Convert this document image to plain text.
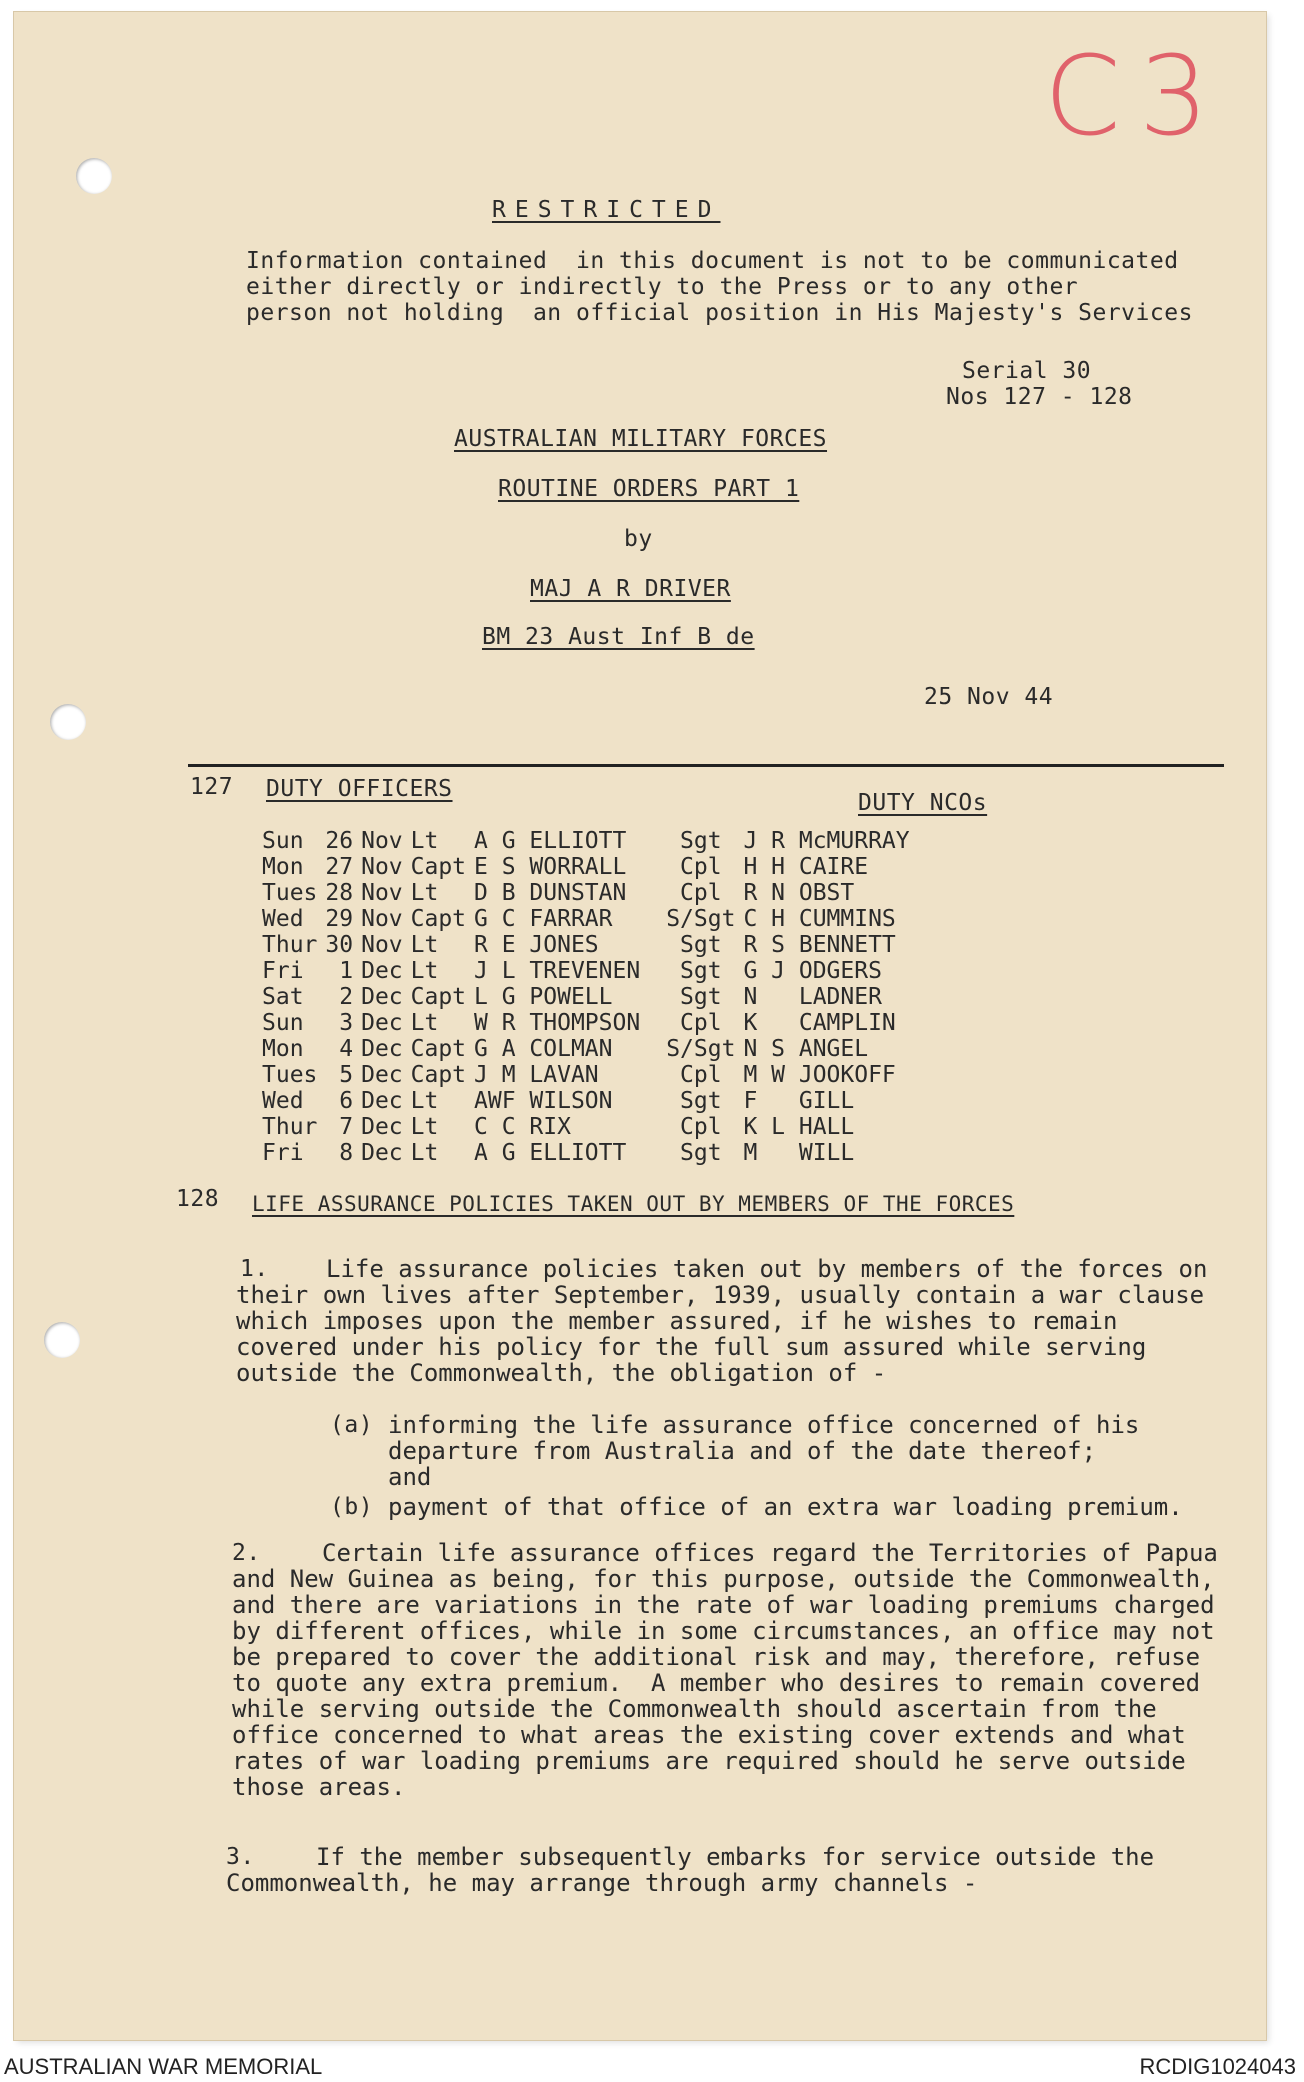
C3
RESTRICTED
Information contained  in this document is not to be communicated
either directly or indirectly to the Press or to any other
person not holding  an official position in His Majesty's Services
Serial 30
Nos 127 - 128
AUSTRALIAN MILITARY FORCES
ROUTINE ORDERS PART 1
by
MAJ A R DRIVER
BM 23 Aust Inf B de
25 Nov 44
127 DUTY OFFICERS
DUTY NCOs
Sun	26	Nov	Lt	A G ELLIOTT	Sgt	J R McMURRAY
Mon	27	Nov	Capt	E S WORRALL	Cpl	H H CAIRE
Tues	28	Nov	Lt	D B DUNSTAN	Cpl	R N OBST
Wed	29	Nov	Capt	G C FARRAR	S/Sgt	C H CUMMINS
Thur	30	Nov	Lt	R E JONES	Sgt	R S BENNETT
Fri	1	Dec	Lt	J L TREVENEN	Sgt	G J ODGERS
Sat	2	Dec	Capt	L G POWELL	Sgt	N   LADNER
Sun	3	Dec	Lt	W R THOMPSON	Cpl	K   CAMPLIN
Mon	4	Dec	Capt	G A COLMAN	S/Sgt	N S ANGEL
Tues	5	Dec	Capt	J M LAVAN	Cpl	M W JOOKOFF
Wed	6	Dec	Lt	AWF WILSON	Sgt	F   GILL
Thur	7	Dec	Lt	C C RIX	Cpl	K L HALL
Fri	8	Dec	Lt	A G ELLIOTT	Sgt	M   WILL
128 LIFE ASSURANCE POLICIES TAKEN OUT BY MEMBERS OF THE FORCES
1.	Life assurance policies taken out by members of the forces on their own lives after September, 1939, usually contain a war clause which imposes upon the member assured, if he wishes to remain covered under his policy for the full sum assured while serving outside the Commonwealth, the obligation of -
(a) informing the life assurance office concerned of his departure from Australia and of the date thereof; and
(b) payment of that office of an extra war loading premium.
2.	Certain life assurance offices regard the Territories of Papua and New Guinea as being, for this purpose, outside the Commonwealth, and there are variations in the rate of war loading premiums charged by different offices, while in some circumstances, an office may not be prepared to cover the additional risk and may, therefore, refuse to quote any extra premium.  A member who desires to remain covered while serving outside the Commonwealth should ascertain from the office concerned to what areas the existing cover extends and what rates of war loading premiums are required should he serve outside those areas.
3.	If the member subsequently embarks for service outside the Commonwealth, he may arrange through army channels -
AUSTRALIAN WAR MEMORIAL	RCDIG1024043
